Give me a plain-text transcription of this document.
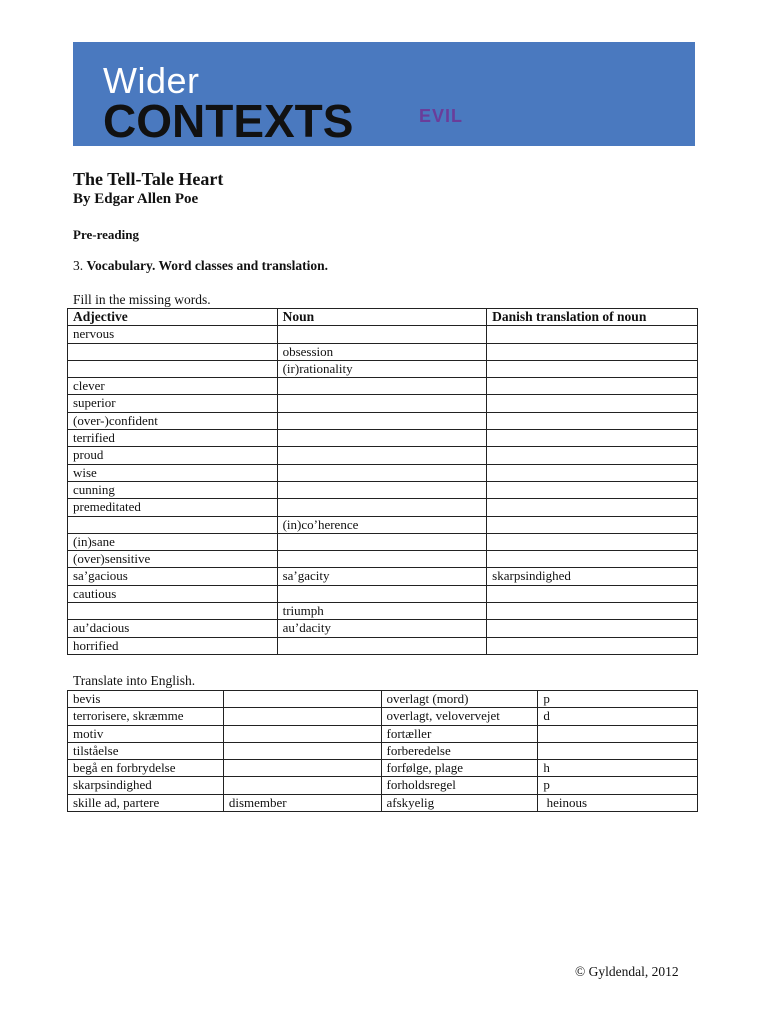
Wider
CONTEXTS	EVIL
The Tell-Tale Heart
By Edgar Allen Poe
Pre-reading
3. Vocabulary. Word classes and translation.
Fill in the missing words.
Adjective	Noun	Danish translation of noun
nervous		
	obsession	
	(ir)rationality	
clever		
superior		
(over-)confident		
terrified		
proud		
wise		
cunning		
premeditated		
	(in)co’herence	
(in)sane		
(over)sensitive		
sa’gacious	sa’gacity	skarpsindighed
cautious		
	triumph	
au’dacious	au’dacity	
horrified		
Translate into English.
bevis		overlagt (mord)	p
terrorisere, skræmme		overlagt, velovervejet	d
motiv		fortæller	
tilståelse		forberedelse	
begå en forbrydelse		forfølge, plage	h
skarpsindighed		forholdsregel	p
skille ad, partere	dismember	afskyelig	heinous
© Gyldendal, 2012
